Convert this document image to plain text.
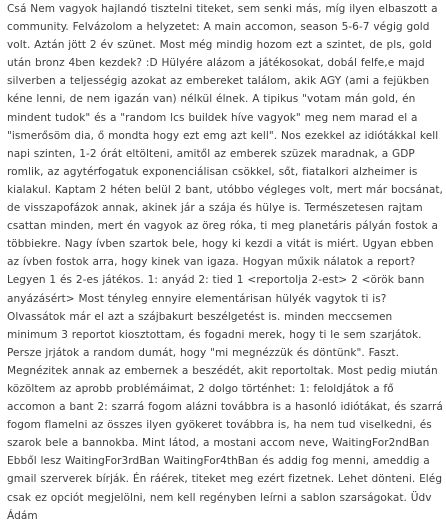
Csá Nem vagyok hajlandó tisztelni titeket, sem senki más, míg ilyen elbaszott a community. Felvázolom a helyzetet: A main accomon, season 5-6-7 végig gold volt. Aztán jött 2 év szünet. Most még mindig hozom ezt a szintet, de pls, gold után bronz 4ben kezdek? :D Hülyére alázom a játékosokat, dobál felfe,e majd silverben a teljességig azokat az embereket találom, akik AGY (ami a fejükben kéne lenni, de nem igazán van) nélkül élnek. A tipikus "votam mán gold, én mindent tudok" és a "random lcs buildek híve vagyok" meg nem marad el a "ismerősöm dia, ő mondta hogy ezt emg azt kell". Nos ezekkel az idiótákkal kell napi szinten, 1-2 órát eltölteni, amitől az emberek szüzek maradnak, a GDP romlik, az agytérfogatuk exponenciálisan csökkel, sőt, fiatalkori alzheimer is kialakul. Kaptam 2 héten belül 2 bant, utóbbo végleges volt, mert már bocsánat, de visszapofázok annak, akinek jár a szája és hülye is. Természetesen rajtam csattan minden, mert én vagyok az öreg róka, ti meg planetáris pályán fostok a többiekre. Nagy ívben szartok bele, hogy ki kezdi a vitát is miért. Ugyan ebben az ívben fostok arra, hogy kinek van igaza. Hogyan műxik nálatok a report? Legyen 1 és 2-es játékos. 1: anyád 2: tied 1 <reportolja 2-est> 2 <örök bann anyázásért> Most tényleg ennyire elementárisan hülyék vagytok ti is? Olvassátok már el azt a szájbakurt beszélgetést is. minden meccsemen minimum 3 reportot kiosztottam, és fogadni merek, hogy ti le sem szarjátok. Persze jrjátok a random dumát, hogy "mi megnézzük és döntünk". Faszt. Megnézitek annak az embernek a beszédét, akit reportoltak. Most pedig miután közöltem az aprobb problémáimat, 2 dolgo történhet: 1: feloldjátok a fő accomon a bant 2: szarrá fogom alázni továbbra is a hasonló idiótákat, és szarrá fogom flamelni az összes ilyen gyökeret továbbra is, ha nem tud viselkedni, és szarok bele a bannokba. Mint látod, a mostani accom neve, WaitingFor2ndBan Ebből lesz WaitingFor3rdBan WaitingFor4thBan és addig fog menni, ameddig a gmail szerverek bírják. Én ráérek, titeket meg ezért fizetnek. Lehet dönteni. Elég csak ez opciót megjelölni, nem kell regényben leírni a sablon szarságokat. Üdv Ádám
